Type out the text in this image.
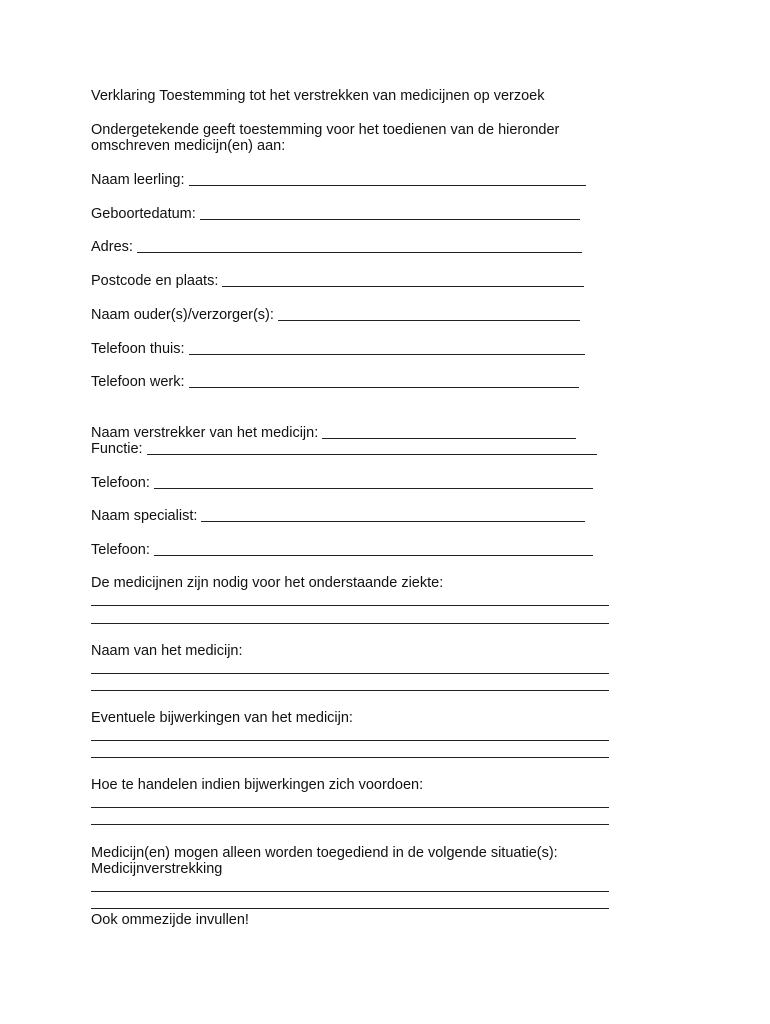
Verklaring Toestemming tot het verstrekken van medicijnen op verzoek
Ondergetekende geeft toestemming voor het toedienen van de hieronder
omschreven medicijn(en) aan:
Naam leerling:
Geboortedatum:
Adres:
Postcode en plaats:
Naam ouder(s)/verzorger(s):
Telefoon thuis:
Telefoon werk:
Naam verstrekker van het medicijn:
Functie:
Telefoon:
Naam specialist:
Telefoon:
De medicijnen zijn nodig voor het onderstaande ziekte:
Naam van het medicijn:
Eventuele bijwerkingen van het medicijn:
Hoe te handelen indien bijwerkingen zich voordoen:
Medicijn(en) mogen alleen worden toegediend in de volgende situatie(s):
Medicijnverstrekking
Ook ommezijde invullen!
